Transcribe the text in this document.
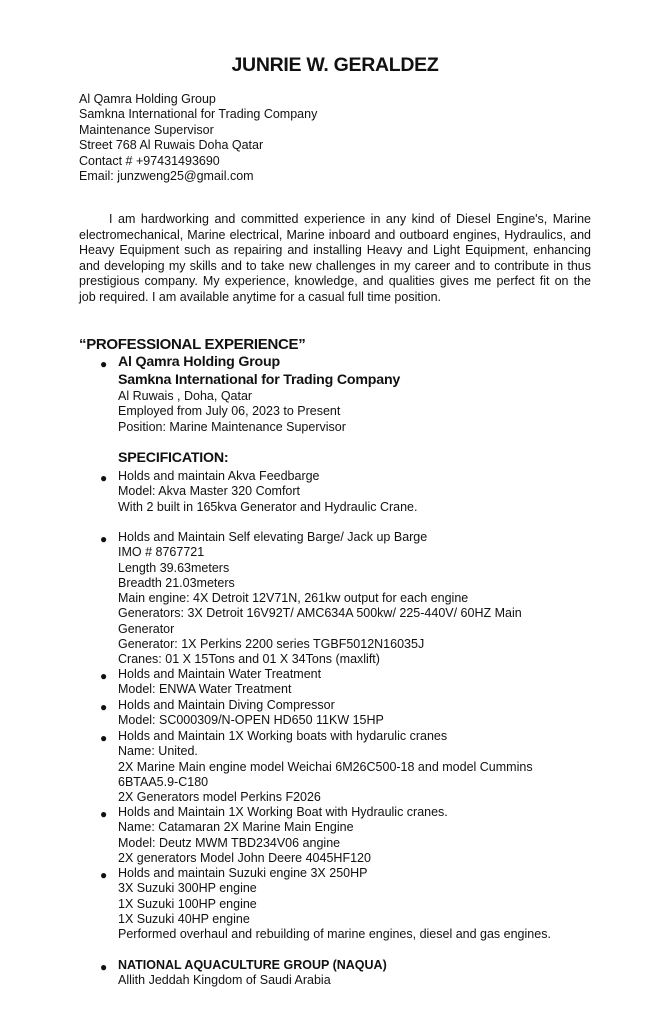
JUNRIE W. GERALDEZ
Al Qamra Holding Group
Samkna International for Trading Company
Maintenance Supervisor
Street 768 Al Ruwais Doha Qatar
Contact # +97431493690
Email: junzweng25@gmail.com

I am hardworking and committed experience in any kind of Diesel Engine's, Marine electromechanical, Marine electrical, Marine inboard and outboard engines, Hydraulics, and Heavy Equipment such as repairing and installing Heavy and Light Equipment, enhancing and developing my skills and to take new challenges in my career and to contribute in thus prestigious company. My experience, knowledge, and qualities gives me perfect fit on the job required. I am available anytime for a casual full time position.

“PROFESSIONAL EXPERIENCE”
● Al Qamra Holding Group
Samkna International for Trading Company
Al Ruwais , Doha, Qatar
Employed from July 06, 2023 to Present
Position: Marine Maintenance Supervisor
SPECIFICATION:
● Holds and maintain Akva Feedbarge
Model: Akva Master 320 Comfort
With 2 built in 165kva Generator and Hydraulic Crane.
● Holds and Maintain Self elevating Barge/ Jack up Barge
IMO # 8767721
Length 39.63meters
Breadth 21.03meters
Main engine: 4X Detroit 12V71N, 261kw output for each engine
Generators: 3X Detroit 16V92T/ AMC634A 500kw/ 225-440V/ 60HZ Main
Generator
Generator: 1X Perkins 2200 series TGBF5012N16035J
Cranes: 01 X 15Tons and 01 X 34Tons (maxlift)
● Holds and Maintain Water Treatment
Model: ENWA Water Treatment
● Holds and Maintain Diving Compressor
Model: SC000309/N-OPEN HD650 11KW 15HP
● Holds and Maintain 1X Working boats with hydarulic cranes
Name: United.
2X Marine Main engine model Weichai 6M26C500-18 and model Cummins
6BTAA5.9-C180
2X Generators model Perkins F2026
● Holds and Maintain 1X Working Boat with Hydraulic cranes.
Name: Catamaran 2X Marine Main Engine
Model: Deutz MWM TBD234V06 angine
2X generators Model John Deere 4045HF120
● Holds and maintain Suzuki engine 3X 250HP
3X Suzuki 300HP engine
1X Suzuki 100HP engine
1X Suzuki 40HP engine
Performed overhaul and rebuilding of marine engines, diesel and gas engines.
● NATIONAL AQUACULTURE GROUP (NAQUA)
Allith Jeddah Kingdom of Saudi Arabia
